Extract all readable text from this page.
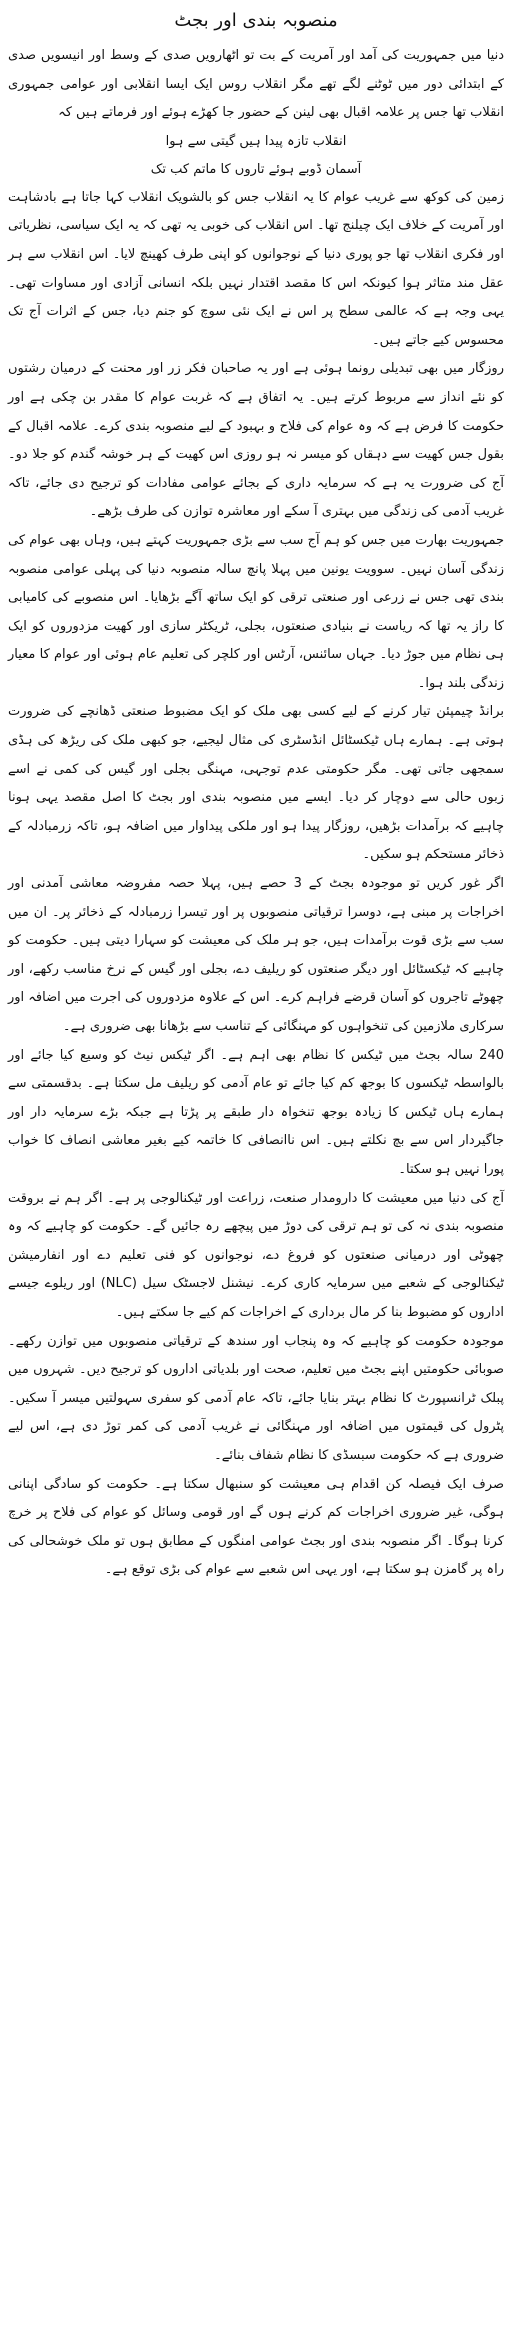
منصوبہ بندی اور بجٹ

دنیا میں جمہوریت کی آمد اور آمریت کے بت تو اٹھارویں صدی کے وسط اور انیسویں صدی کے ابتدائی دور میں ٹوٹنے لگے تھے مگر انقلاب روس ایک ایسا انقلابی اور عوامی جمہوری انقلاب تھا جس پر علامہ اقبال بھی لینن کے حضور جا کھڑے ہوئے اور فرماتے ہیں کہ

انقلاب تازہ پیدا ہیں گیتی سے ہوا

آسمان ڈوبے ہوئے تاروں کا ماتم کب تک

زمین کی کوکھ سے غریب عوام کا یہ انقلاب جس کو بالشویک انقلاب کہا جاتا ہے بادشاہت اور آمریت کے خلاف ایک چیلنج تھا۔ اس انقلاب کی خوبی یہ تھی کہ یہ ایک سیاسی، نظریاتی اور فکری انقلاب تھا جو پوری دنیا کے نوجوانوں کو اپنی طرف کھینچ لایا۔ اس انقلاب سے ہر عقل مند متاثر ہوا کیونکہ اس کا مقصد اقتدار نہیں بلکہ انسانی آزادی اور مساوات تھی۔ یہی وجہ ہے کہ عالمی سطح پر اس نے ایک نئی سوچ کو جنم دیا، جس کے اثرات آج تک محسوس کیے جاتے ہیں۔

روزگار میں بھی تبدیلی رونما ہوئی ہے اور یہ صاحبان فکر زر اور محنت کے درمیان رشتوں کو نئے انداز سے مربوط کرتے ہیں۔ یہ اتفاق ہے کہ غربت عوام کا مقدر بن چکی ہے اور حکومت کا فرض ہے کہ وہ عوام کی فلاح و بہبود کے لیے منصوبہ بندی کرے۔ علامہ اقبال کے بقول جس کھیت سے دہقاں کو میسر نہ ہو روزی اس کھیت کے ہر خوشہ گندم کو جلا دو۔ آج کی ضرورت یہ ہے کہ سرمایہ داری کے بجائے عوامی مفادات کو ترجیح دی جائے، تاکہ غریب آدمی کی زندگی میں بہتری آ سکے اور معاشرہ توازن کی طرف بڑھے۔

جمہوریت بھارت میں جس کو ہم آج سب سے بڑی جمہوریت کہتے ہیں، وہاں بھی عوام کی زندگی آسان نہیں۔ سوویت یونین میں پہلا پانچ سالہ منصوبہ دنیا کی پہلی عوامی منصوبہ بندی تھی جس نے زرعی اور صنعتی ترقی کو ایک ساتھ آگے بڑھایا۔ اس منصوبے کی کامیابی کا راز یہ تھا کہ ریاست نے بنیادی صنعتوں، بجلی، ٹریکٹر سازی اور کھیت مزدوروں کو ایک ہی نظام میں جوڑ دیا۔ جہاں سائنس، آرٹس اور کلچر کی تعلیم عام ہوئی اور عوام کا معیار زندگی بلند ہوا۔

برانڈ چیمپئن تیار کرنے کے لیے کسی بھی ملک کو ایک مضبوط صنعتی ڈھانچے کی ضرورت ہوتی ہے۔ ہمارے ہاں ٹیکسٹائل انڈسٹری کی مثال لیجیے، جو کبھی ملک کی ریڑھ کی ہڈی سمجھی جاتی تھی۔ مگر حکومتی عدم توجہی، مہنگی بجلی اور گیس کی کمی نے اسے زبوں حالی سے دوچار کر دیا۔ ایسے میں منصوبہ بندی اور بجٹ کا اصل مقصد یہی ہونا چاہیے کہ برآمدات بڑھیں، روزگار پیدا ہو اور ملکی پیداوار میں اضافہ ہو، تاکہ زرمبادلہ کے ذخائر مستحکم ہو سکیں۔

اگر غور کریں تو موجودہ بجٹ کے 3 حصے ہیں، پہلا حصہ مفروضہ معاشی آمدنی اور اخراجات پر مبنی ہے، دوسرا ترقیاتی منصوبوں پر اور تیسرا زرمبادلہ کے ذخائر پر۔ ان میں سب سے بڑی قوت برآمدات ہیں، جو ہر ملک کی معیشت کو سہارا دیتی ہیں۔ حکومت کو چاہیے کہ ٹیکسٹائل اور دیگر صنعتوں کو ریلیف دے، بجلی اور گیس کے نرخ مناسب رکھے، اور چھوٹے تاجروں کو آسان قرضے فراہم کرے۔ اس کے علاوہ مزدوروں کی اجرت میں اضافہ اور سرکاری ملازمین کی تنخواہوں کو مہنگائی کے تناسب سے بڑھانا بھی ضروری ہے۔

240 سالہ بجٹ میں ٹیکس کا نظام بھی اہم ہے۔ اگر ٹیکس نیٹ کو وسیع کیا جائے اور بالواسطہ ٹیکسوں کا بوجھ کم کیا جائے تو عام آدمی کو ریلیف مل سکتا ہے۔ بدقسمتی سے ہمارے ہاں ٹیکس کا زیادہ بوجھ تنخواہ دار طبقے پر پڑتا ہے جبکہ بڑے سرمایہ دار اور جاگیردار اس سے بچ نکلتے ہیں۔ اس ناانصافی کا خاتمہ کیے بغیر معاشی انصاف کا خواب پورا نہیں ہو سکتا۔

آج کی دنیا میں معیشت کا دارومدار صنعت، زراعت اور ٹیکنالوجی پر ہے۔ اگر ہم نے بروقت منصوبہ بندی نہ کی تو ہم ترقی کی دوڑ میں پیچھے رہ جائیں گے۔ حکومت کو چاہیے کہ وہ چھوٹی اور درمیانی صنعتوں کو فروغ دے، نوجوانوں کو فنی تعلیم دے اور انفارمیشن ٹیکنالوجی کے شعبے میں سرمایہ کاری کرے۔ نیشنل لاجسٹک سیل (NLC) اور ریلوے جیسے اداروں کو مضبوط بنا کر مال برداری کے اخراجات کم کیے جا سکتے ہیں۔

موجودہ حکومت کو چاہیے کہ وہ پنجاب اور سندھ کے ترقیاتی منصوبوں میں توازن رکھے۔ صوبائی حکومتیں اپنے بجٹ میں تعلیم، صحت اور بلدیاتی اداروں کو ترجیح دیں۔ شہروں میں پبلک ٹرانسپورٹ کا نظام بہتر بنایا جائے، تاکہ عام آدمی کو سفری سہولتیں میسر آ سکیں۔ پٹرول کی قیمتوں میں اضافہ اور مہنگائی نے غریب آدمی کی کمر توڑ دی ہے، اس لیے ضروری ہے کہ حکومت سبسڈی کا نظام شفاف بنائے۔

صرف ایک فیصلہ کن اقدام ہی معیشت کو سنبھال سکتا ہے۔ حکومت کو سادگی اپنانی ہوگی، غیر ضروری اخراجات کم کرنے ہوں گے اور قومی وسائل کو عوام کی فلاح پر خرچ کرنا ہوگا۔ اگر منصوبہ بندی اور بجٹ عوامی امنگوں کے مطابق ہوں تو ملک خوشحالی کی راہ پر گامزن ہو سکتا ہے، اور یہی اس شعبے سے عوام کی بڑی توقع ہے۔
